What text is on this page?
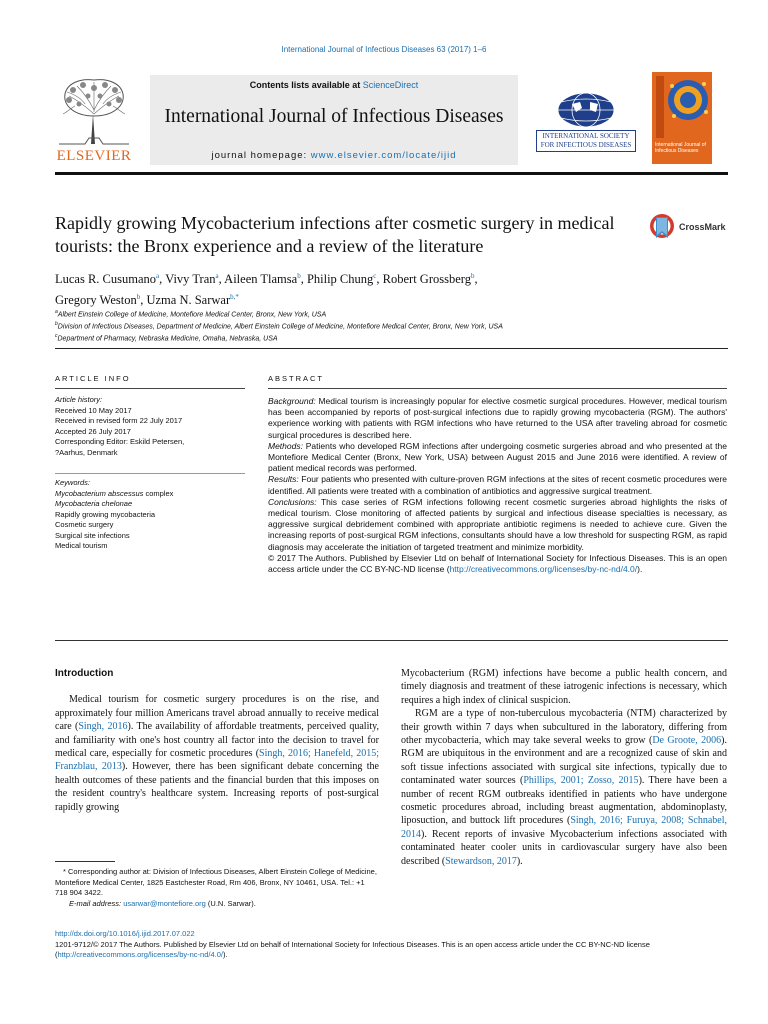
International Journal of Infectious Diseases 63 (2017) 1–6
ELSEVIER
Contents lists available at ScienceDirect
International Journal of Infectious Diseases
journal homepage: www.elsevier.com/locate/ijid
INTERNATIONAL SOCIETY
FOR INFECTIOUS DISEASES	International Journal of Infectious Diseases
Rapidly growing Mycobacterium infections after cosmetic surgery in medical tourists: the Bronx experience and a review of the literature
CrossMark
Lucas R. Cusumano$^a$, Vivy Tran$^a$, Aileen Tlamsa$^b$, Philip Chung$^c$, Robert Grossberg$^b$,
Gregory Weston$^b$, Uzma N. Sarwar$^{b,*}$
$^a$Albert Einstein College of Medicine, Montefiore Medical Center, Bronx, New York, USA
$^b$Division of Infectious Diseases, Department of Medicine, Albert Einstein College of Medicine, Montefiore Medical Center, Bronx, New York, USA
$^c$Department of Pharmacy, Nebraska Medicine, Omaha, Nebraska, USA
ARTICLE INFO
Article history:
Received 10 May 2017
Received in revised form 22 July 2017
Accepted 26 July 2017
Corresponding Editor: Eskild Petersen,
?Aarhus, Denmark
Keywords:
Mycobacterium abscessus complex
Mycobacteria chelonae
Rapidly growing mycobacteria
Cosmetic surgery
Surgical site infections
Medical tourism
ABSTRACT

Background: Medical tourism is increasingly popular for elective cosmetic surgical procedures. However, medical tourism has been accompanied by reports of post-surgical infections due to rapidly growing mycobacteria (RGM). The authors' experience working with patients with RGM infections who have returned to the USA after traveling abroad for cosmetic surgical procedures is described here.

Methods: Patients who developed RGM infections after undergoing cosmetic surgeries abroad and who presented at the Montefiore Medical Center (Bronx, New York, USA) between August 2015 and June 2016 were identified. A review of patient medical records was performed.

Results: Four patients who presented with culture-proven RGM infections at the sites of recent cosmetic procedures were identified. All patients were treated with a combination of antibiotics and aggressive surgical treatment.

Conclusions: This case series of RGM infections following recent cosmetic surgeries abroad highlights the risks of medical tourism. Close monitoring of affected patients by surgical and infectious disease specialties is necessary, as aggressive surgical debridement combined with appropriate antibiotic regimens is needed to achieve cure. Given the increasing reports of post-surgical RGM infections, consultants should have a low threshold for suspecting RGM, as rapid diagnosis may accelerate the initiation of targeted treatment and minimize morbidity.

© 2017 The Authors. Published by Elsevier Ltd on behalf of International Society for Infectious Diseases. This is an open access article under the CC BY-NC-ND license (http://creativecommons.org/licenses/by-nc-nd/4.0/).

Introduction

Medical tourism for cosmetic surgery procedures is on the rise, and approximately four million Americans travel abroad annually to receive medical care (Singh, 2016). The availability of affordable treatments, perceived quality, and familiarity with one's host country all factor into the decision to travel for medical care, especially for cosmetic procedures (Singh, 2016; Hanefeld, 2015; Franzblau, 2013). However, there has been significant debate concerning the health outcomes of these patients and the financial burden that this imposes on the resident country's healthcare system. Increasing reports of post-surgical rapidly growing

* Corresponding author at: Division of Infectious Diseases, Albert Einstein College of Medicine, Montefiore Medical Center, 1825 Eastchester Road, Rm 406, Bronx, NY 10461, USA. Tel.: +1 718 904 3422.
E-mail address: usarwar@montefiore.org (U.N. Sarwar).

Mycobacterium (RGM) infections have become a public health concern, and timely diagnosis and treatment of these iatrogenic infections is necessary, which requires a high index of clinical suspicion.

RGM are a type of non-tuberculous mycobacteria (NTM) characterized by their growth within 7 days when subcultured in the laboratory, differing from other mycobacteria, which may take several weeks to grow (De Groote, 2006). RGM are ubiquitous in the environment and are a recognized cause of skin and soft tissue infections associated with surgical site infections, typically due to contaminated water sources (Phillips, 2001; Zosso, 2015). There have been a number of recent RGM outbreaks identified in patients who have undergone cosmetic procedures abroad, including breast augmentation, abdominoplasty, liposuction, and buttock lift procedures (Singh, 2016; Furuya, 2008; Schnabel, 2014). Recent reports of invasive Mycobacterium infections associated with contaminated heater cooler units in cardiovascular surgery have also been described (Stewardson, 2017).

http://dx.doi.org/10.1016/j.ijid.2017.07.022
1201-9712/© 2017 The Authors. Published by Elsevier Ltd on behalf of International Society for Infectious Diseases. This is an open access article under the CC BY-NC-ND license (http://creativecommons.org/licenses/by-nc-nd/4.0/).
